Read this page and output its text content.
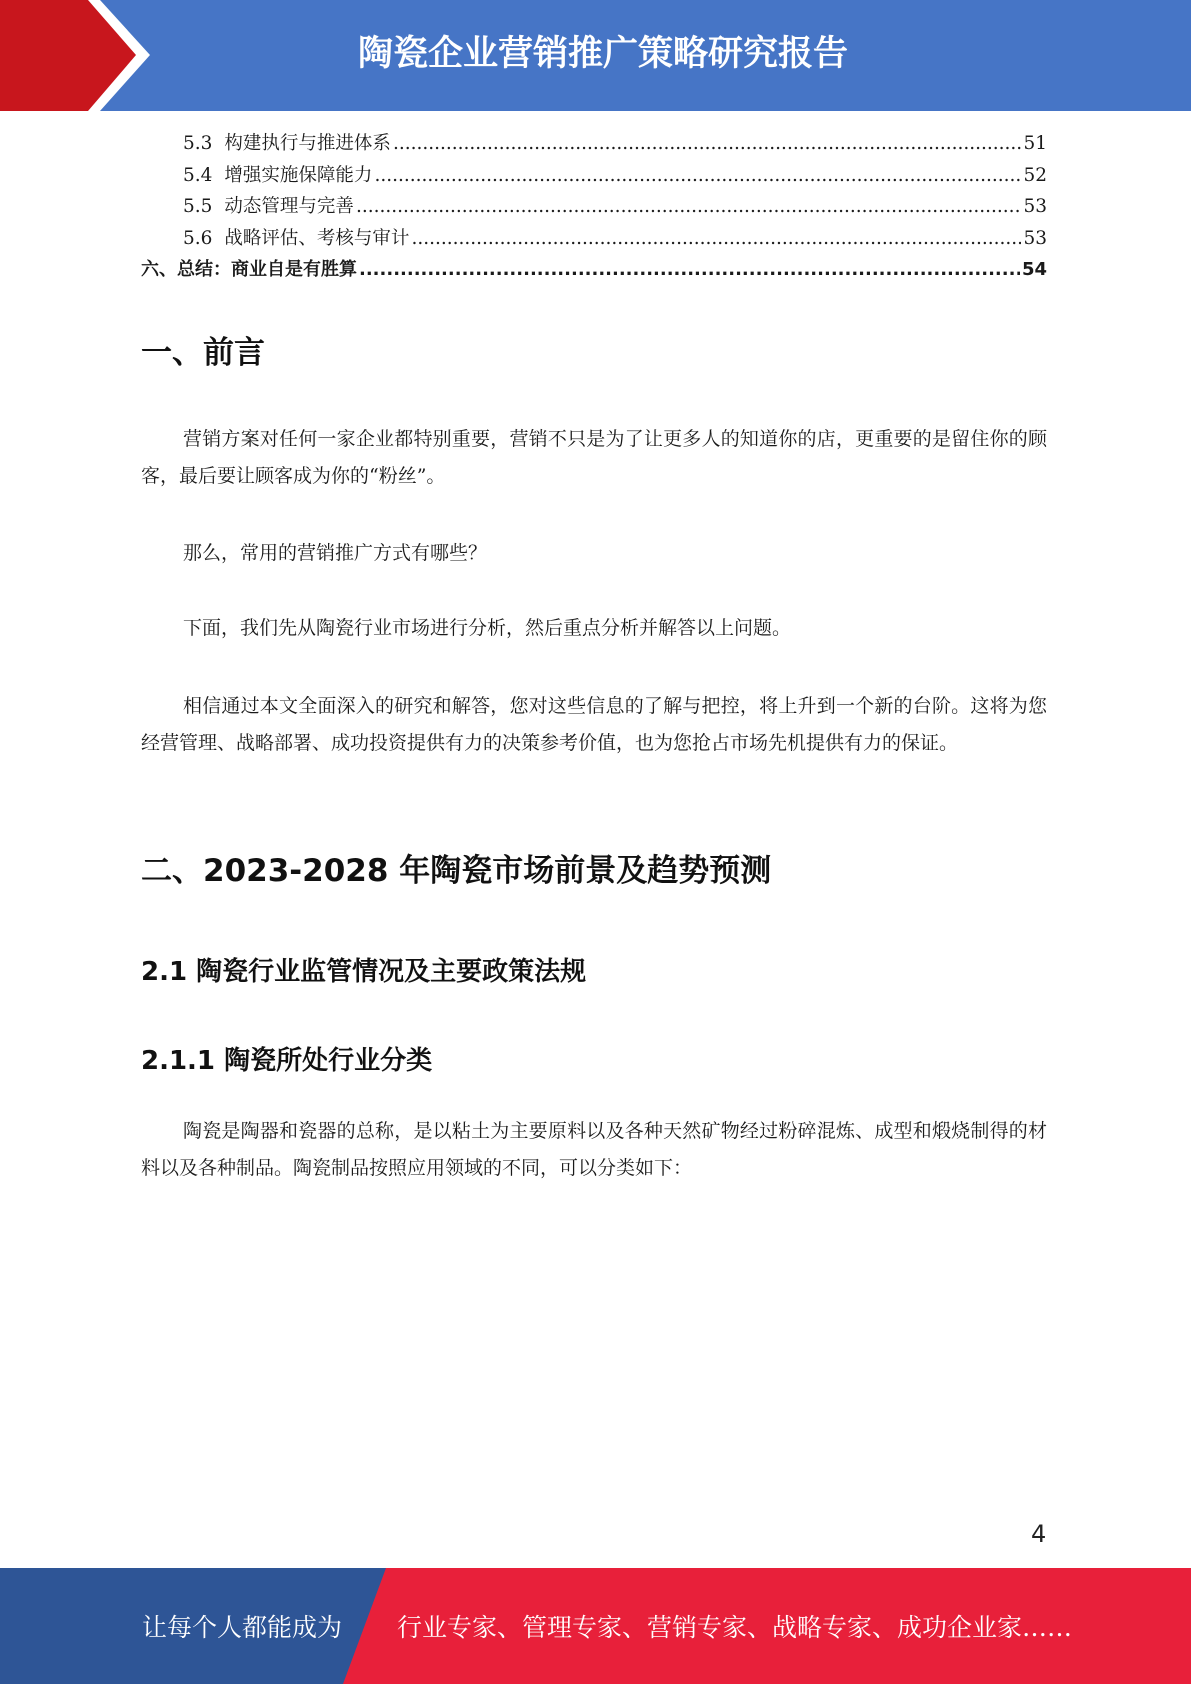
陶瓷企业营销推广策略研究报告
5.3 构建执行与推进体系 .....	51
5.4 增强实施保障能力 .....	52
5.5 动态管理与完善 .....	53
5.6 战略评估、考核与审计 .....	53
六、总结：商业自是有胜算 .....	54
一、前言
营销方案对任何一家企业都特别重要，营销不只是为了让更多人的知道你的店，更重要的是留住你的顾客，最后要让顾客成为你的“粉丝”。
那么，常用的营销推广方式有哪些？
下面，我们先从陶瓷行业市场进行分析，然后重点分析并解答以上问题。
相信通过本文全面深入的研究和解答，您对这些信息的了解与把控，将上升到一个新的台阶。这将为您经营管理、战略部署、成功投资提供有力的决策参考价值，也为您抢占市场先机提供有力的保证。
二、2023-2028 年陶瓷市场前景及趋势预测
2.1 陶瓷行业监管情况及主要政策法规
2.1.1 陶瓷所处行业分类
陶瓷是陶器和瓷器的总称，是以粘土为主要原料以及各种天然矿物经过粉碎混炼、成型和煅烧制得的材料以及各种制品。陶瓷制品按照应用领域的不同，可以分类如下：
4
让每个人都能成为 行业专家、管理专家、营销专家、战略专家、成功企业家……
